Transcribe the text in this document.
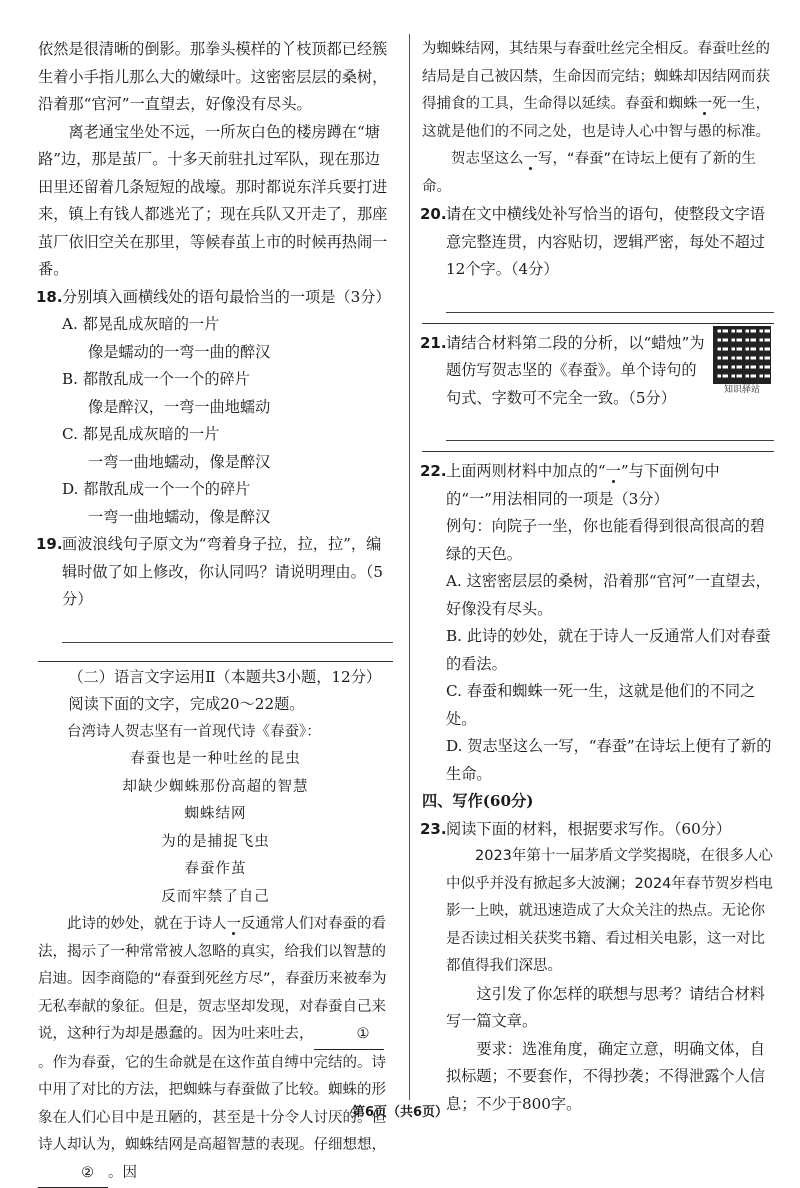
依然是很清晰的倒影。那拳头模样的丫枝顶都已经簇生着小手指儿那么大的嫩绿叶。这密密层层的桑树，沿着那“官河”一直望去，好像没有尽头。

离老通宝坐处不远，一所灰白色的楼房蹲在“塘路”边，那是茧厂。十多天前驻扎过军队，现在那边田里还留着几条短短的战壕。那时都说东洋兵要打进来，镇上有钱人都逃光了；现在兵队又开走了，那座茧厂依旧空关在那里，等候春茧上市的时候再热闹一番。

18. 分别填入画横线处的语句最恰当的一项是（3分）

A. 都晃乱成灰暗的一片

像是蠕动的一弯一曲的醉汉

B. 都散乱成一个一个的碎片

像是醉汉，一弯一曲地蠕动

C. 都晃乱成灰暗的一片

一弯一曲地蠕动，像是醉汉

D. 都散乱成一个一个的碎片

一弯一曲地蠕动，像是醉汉

19. 画波浪线句子原文为“弯着身子拉，拉，拉”，编辑时做了如上修改，你认同吗？请说明理由。（5分）

（二）语言文字运用Ⅱ（本题共3小题，12分）

阅读下面的文字，完成20～22题。

台湾诗人贺志坚有一首现代诗《春蚕》：

春蚕也是一种吐丝的昆虫

却缺少蜘蛛那份高超的智慧

蜘蛛结网

为的是捕捉飞虫

春蚕作茧

反而牢禁了自己

此诗的妙处，就在于诗人一反通常人们对春蚕的看法，揭示了一种常常被人忽略的真实，给我们以智慧的启迪。因李商隐的“春蚕到死丝方尽”，春蚕历来被奉为无私奉献的象征。但是，贺志坚却发现，对春蚕自己来说，这种行为却是愚蠢的。因为吐来吐去，	①。作为春蚕，它的生命就是在这作茧自缚中完结的。诗中用了对比的方法，把蜘蛛与春蚕做了比较。蜘蛛的形象在人们心目中是丑陋的，甚至是十分令人讨厌的。但诗人却认为，蜘蛛结网是高超智慧的表现。仔细想想，② 。因

为蜘蛛结网，其结果与春蚕吐丝完全相反。春蚕吐丝的结局是自己被囚禁，生命因而完结；蜘蛛却因结网而获得捕食的工具，生命得以延续。春蚕和蜘蛛一死一生，这就是他们的不同之处，也是诗人心中智与愚的标准。

贺志坚这么一写，“春蚕”在诗坛上便有了新的生命。

20. 请在文中横线处补写恰当的语句，使整段文字语意完整连贯，内容贴切，逻辑严密，每处不超过12个字。（4分）

21. 请结合材料第二段的分析，以“蜡烛”为题仿写贺志坚的《春蚕》。单个诗句的句式、字数可不完全一致。（5分）	知识驿站
22. 上面两则材料中加点的“一”与下面例句中的“一”用法相同的一项是（3分）

例句：向院子一坐，你也能看得到很高很高的碧绿的天色。

A. 这密密层层的桑树，沿着那“官河”一直望去，好像没有尽头。

B. 此诗的妙处，就在于诗人一反通常人们对春蚕的看法。

C. 春蚕和蜘蛛一死一生，这就是他们的不同之处。

D. 贺志坚这么一写，“春蚕”在诗坛上便有了新的生命。

四、写作(60分)

23. 阅读下面的材料，根据要求写作。（60分）

2023年第十一届茅盾文学奖揭晓，在很多人心中似乎并没有掀起多大波澜；2024年春节贺岁档电影一上映，就迅速造成了大众关注的热点。无论你是否读过相关获奖书籍、看过相关电影，这一对比都值得我们深思。

这引发了你怎样的联想与思考？请结合材料写一篇文章。

要求：选准角度，确定立意，明确文体，自拟标题；不要套作，不得抄袭；不得泄露个人信息；不少于800字。

第6页（共6页）
